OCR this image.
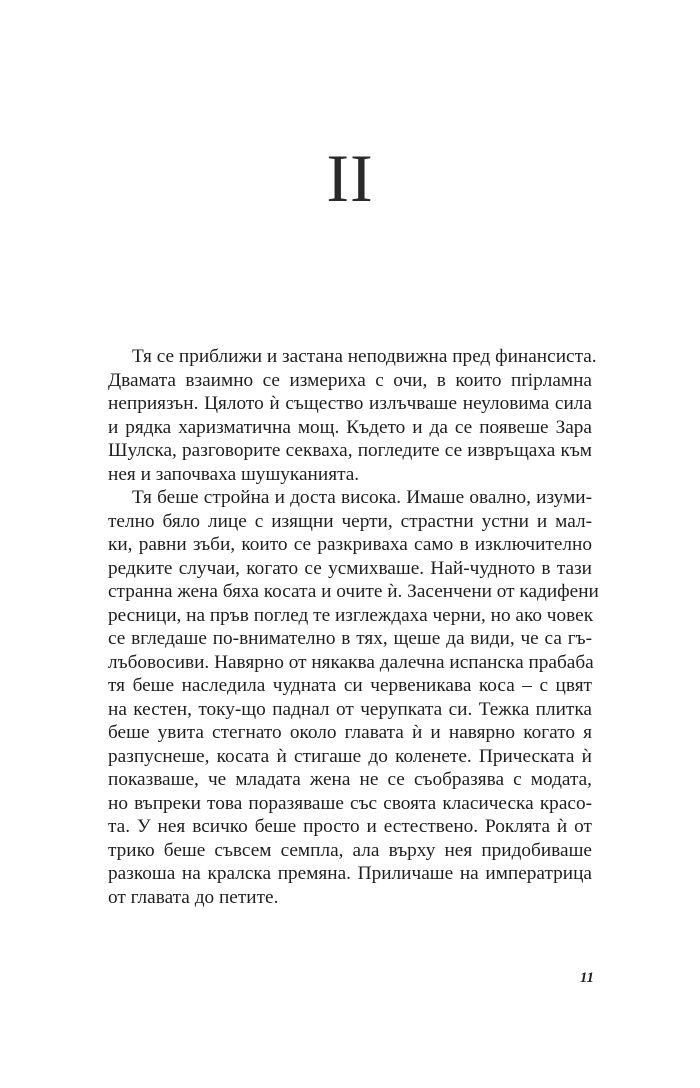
II
Тя се приближи и застана неподвижна пред финансиста.
Двамата взаимно се измериха с очи, в които пripламна
неприязън. Цялото ѝ същество излъчваше неуловима сила
и рядка харизматична мощ. Където и да се появеше Зара
Шулска, разговорите секваха, погледите се извръщаха към
нея и започваха шушуканията.
Тя беше стройна и доста висока. Имаше овално, изуми-
телно бяло лице с изящни черти, страстни устни и мал-
ки, равни зъби, които се разкриваха само в изключително
редките случаи, когато се усмихваше. Най-чудното в тази
странна жена бяха косата и очите ѝ. Засенчени от кадифени
ресници, на пръв поглед те изглеждаха черни, но ако човек
се вгледаше по-внимателно в тях, щеше да види, че са гъ-
лъбовосиви. Навярно от някаква далечна испанска прабаба
тя беше наследила чудната си червеникава коса – с цвят
на кестен, току-що паднал от черупката си. Тежка плитка
беше увита стегнато около главата ѝ и навярно когато я
разпуснеше, косата ѝ стигаше до коленете. Прическата ѝ
показваше, че младата жена не се съобразява с модата,
но въпреки това поразяваше със своята класическа красо-
та. У нея всичко беше просто и естествено. Роклята ѝ от
трико беше съвсем семпла, ала върху нея придобиваше
разкоша на кралска премяна. Приличаше на императрица
от главата до петите.
11
